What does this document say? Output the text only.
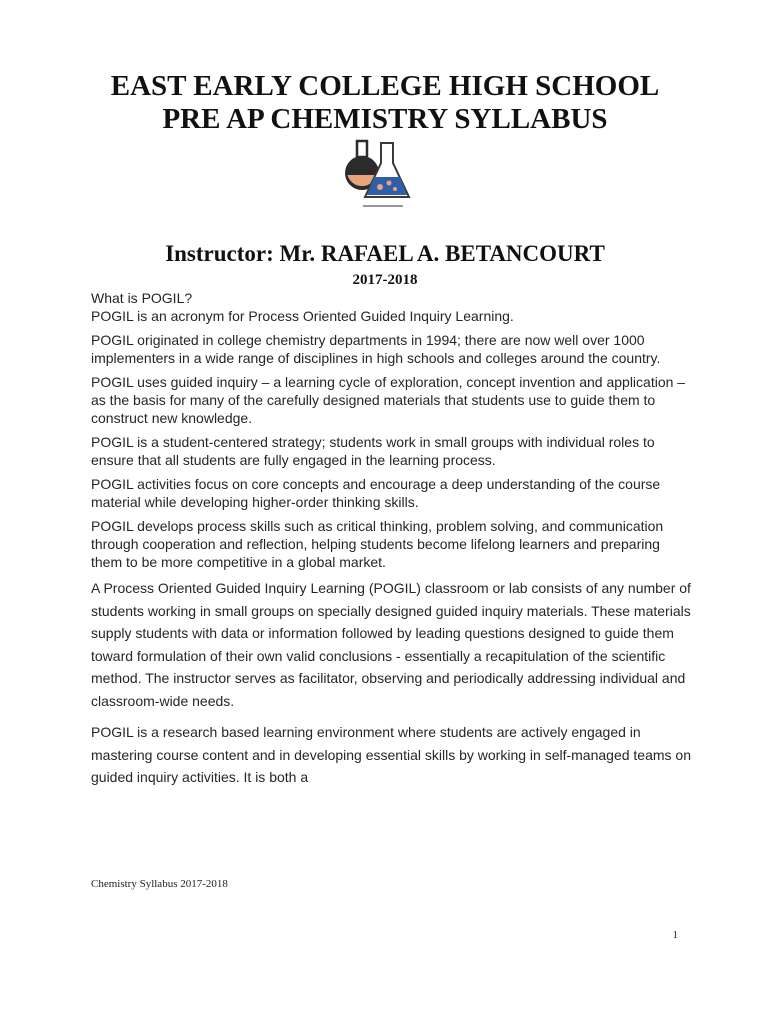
EAST EARLY COLLEGE HIGH SCHOOL
PRE AP CHEMISTRY SYLLABUS
Instructor: Mr. RAFAEL A. BETANCOURT
2017-2018

What is POGIL?

POGIL is an acronym for Process Oriented Guided Inquiry Learning.

POGIL originated in college chemistry departments in 1994; there are now well over 1000 implementers in a wide range of disciplines in high schools and colleges around the country.

POGIL uses guided inquiry – a learning cycle of exploration, concept invention and application – as the basis for many of the carefully designed materials that students use to guide them to construct new knowledge.

POGIL is a student-centered strategy; students work in small groups with individual roles to ensure that all students are fully engaged in the learning process.

POGIL activities focus on core concepts and encourage a deep understanding of the course material while developing higher-order thinking skills.

POGIL develops process skills such as critical thinking, problem solving, and communication through cooperation and reflection, helping students become lifelong learners and preparing them to be more competitive in a global market.

A Process Oriented Guided Inquiry Learning (POGIL) classroom or lab consists of any number of students working in small groups on specially designed guided inquiry materials. These materials supply students with data or information followed by leading questions designed to guide them toward formulation of their own valid conclusions - essentially a recapitulation of the scientific method. The instructor serves as facilitator, observing and periodically addressing individual and classroom-wide needs.

POGIL is a research based learning environment where students are actively engaged in mastering course content and in developing essential skills by working in self-managed teams on guided inquiry activities. It is both a

Chemistry Syllabus 2017-2018
1
